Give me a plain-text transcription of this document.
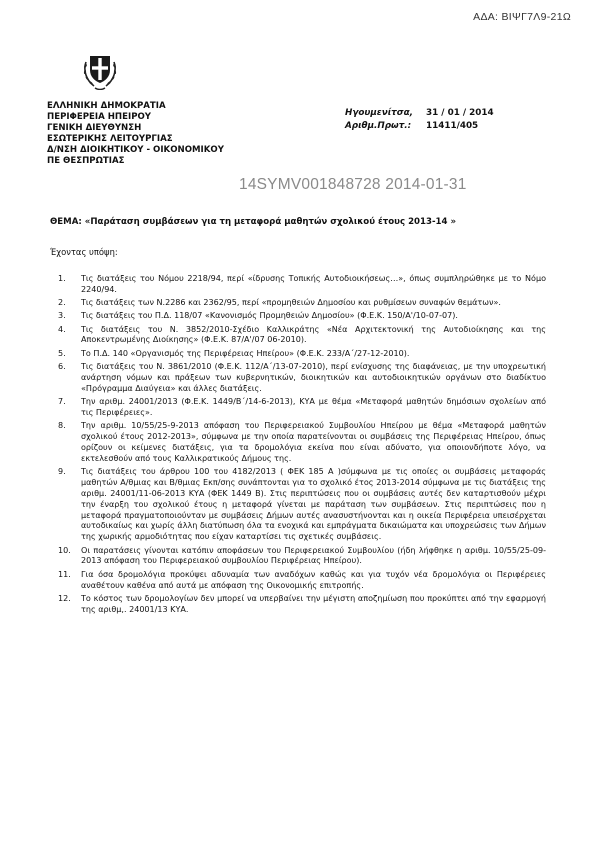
ΑΔΑ: ΒΙΨΓ7Λ9-21Ω
ΕΛΛΗΝΙΚΗ ΔΗΜΟΚΡΑΤΙΑ
ΠΕΡΙΦΕΡΕΙΑ ΗΠΕΙΡΟΥ
ΓΕΝΙΚΗ ΔΙΕΥΘΥΝΣΗ
ΕΣΩΤΕΡΙΚΗΣ ΛΕΙΤΟΥΡΓΙΑΣ
Δ/ΝΣΗ ΔΙΟΙΚΗΤΙΚΟΥ - ΟΙΚΟΝΟΜΙΚΟΥ
ΠΕ ΘΕΣΠΡΩΤΙΑΣ
Ηγουμενίτσα,	31 / 01 / 2014
Αριθμ.Πρωτ.:	11411/405
14SYMV001848728 2014-01-31
ΘΕΜΑ: «Παράταση συμβάσεων για τη μεταφορά μαθητών σχολικού έτους 2013-14 »
Έχοντας υπόψη:
1. Τις διατάξεις του Νόμου 2218/94, περί «ίδρυσης Τοπικής Αυτοδιοικήσεως…», όπως συμπληρώθηκε με το Νόμο 2240/94.
2. Τις διατάξεις των Ν.2286 και 2362/95, περί «προμηθειών Δημοσίου και ρυθμίσεων συναφών θεμάτων».
3. Τις διατάξεις του Π.Δ. 118/07 «Κανονισμός Προμηθειών Δημοσίου» (Φ.Ε.Κ. 150/Α'/10-07-07).
4. Τις διατάξεις του Ν. 3852/2010-Σχέδιο Καλλικράτης «Νέα Αρχιτεκτονική της Αυτοδιοίκησης και της Αποκεντρωμένης Διοίκησης» (Φ.Ε.Κ. 87/Α'/07 06-2010).
5. Το Π.Δ. 140 «Οργανισμός της Περιφέρειας Ηπείρου» (Φ.Ε.Κ. 233/Α΄/27-12-2010).
6. Τις διατάξεις του Ν. 3861/2010 (Φ.Ε.Κ. 112/Α΄/13-07-2010), περί ενίσχυσης της διαφάνειας, με την υποχρεωτική ανάρτηση νόμων και πράξεων των κυβερνητικών, διοικητικών και αυτοδιοικητικών οργάνων στο διαδίκτυο «Πρόγραμμα Διαύγεια» και άλλες διατάξεις.
7. Την αριθμ. 24001/2013 (Φ.Ε.Κ. 1449/Β΄/14-6-2013), ΚΥΑ με θέμα «Μεταφορά μαθητών δημόσιων σχολείων από τις Περιφέρειες».
8. Την αριθμ. 10/55/25-9-2013 απόφαση του Περιφερειακού Συμβουλίου Ηπείρου με θέμα «Μεταφορά μαθητών σχολικού έτους 2012-2013», σύμφωνα με την οποία παρατείνονται οι συμβάσεις της Περιφέρειας Ηπείρου, όπως ορίζουν οι κείμενες διατάξεις, για τα δρομολόγια εκείνα που είναι αδύνατο, για οποιονδήποτε λόγο, να εκτελεσθούν από τους Καλλικρατικούς Δήμους της.
9. Τις διατάξεις του άρθρου 100 του 4182/2013 ( ΦΕΚ 185 Α )σύμφωνα με τις οποίες οι συμβάσεις μεταφοράς μαθητών Α/θμιας και Β/θμιας Εκπ/σης συνάπτονται για το σχολικό έτος 2013-2014 σύμφωνα με τις διατάξεις της αριθμ. 24001/11-06-2013 ΚΥΑ (ΦΕΚ 1449 Β). Στις περιπτώσεις που οι συμβάσεις αυτές δεν καταρτισθούν μέχρι την έναρξη του σχολικού έτους η μεταφορά γίνεται με παράταση των συμβάσεων. Στις περιπτώσεις που η μεταφορά πραγματοποιούνταν με συμβάσεις Δήμων αυτές ανασυστήνονται και η οικεία Περιφέρεια υπεισέρχεται αυτοδικαίως και χωρίς άλλη διατύπωση όλα τα ενοχικά και εμπράγματα δικαιώματα και υποχρεώσεις των Δήμων της χωρικής αρμοδιότητας που είχαν καταρτίσει τις σχετικές συμβάσεις.
10. Οι παρατάσεις γίνονται κατόπιν αποφάσεων του Περιφερειακού Συμβουλίου (ήδη λήφθηκε η αριθμ. 10/55/25-09-2013 απόφαση του Περιφερειακού συμβουλίου Περιφέρειας Ηπείρου).
11. Για όσα δρομολόγια προκύψει αδυναμία των αναδόχων καθώς και για τυχόν νέα δρομολόγια οι Περιφέρειες αναθέτουν καθένα από αυτά με απόφαση της Οικονομικής επιτροπής.
12. Το κόστος των δρομολογίων δεν μπορεί να υπερβαίνει την μέγιστη αποζημίωση που προκύπτει από την εφαρμογή της αριθμ,. 24001/13 ΚΥΑ.
